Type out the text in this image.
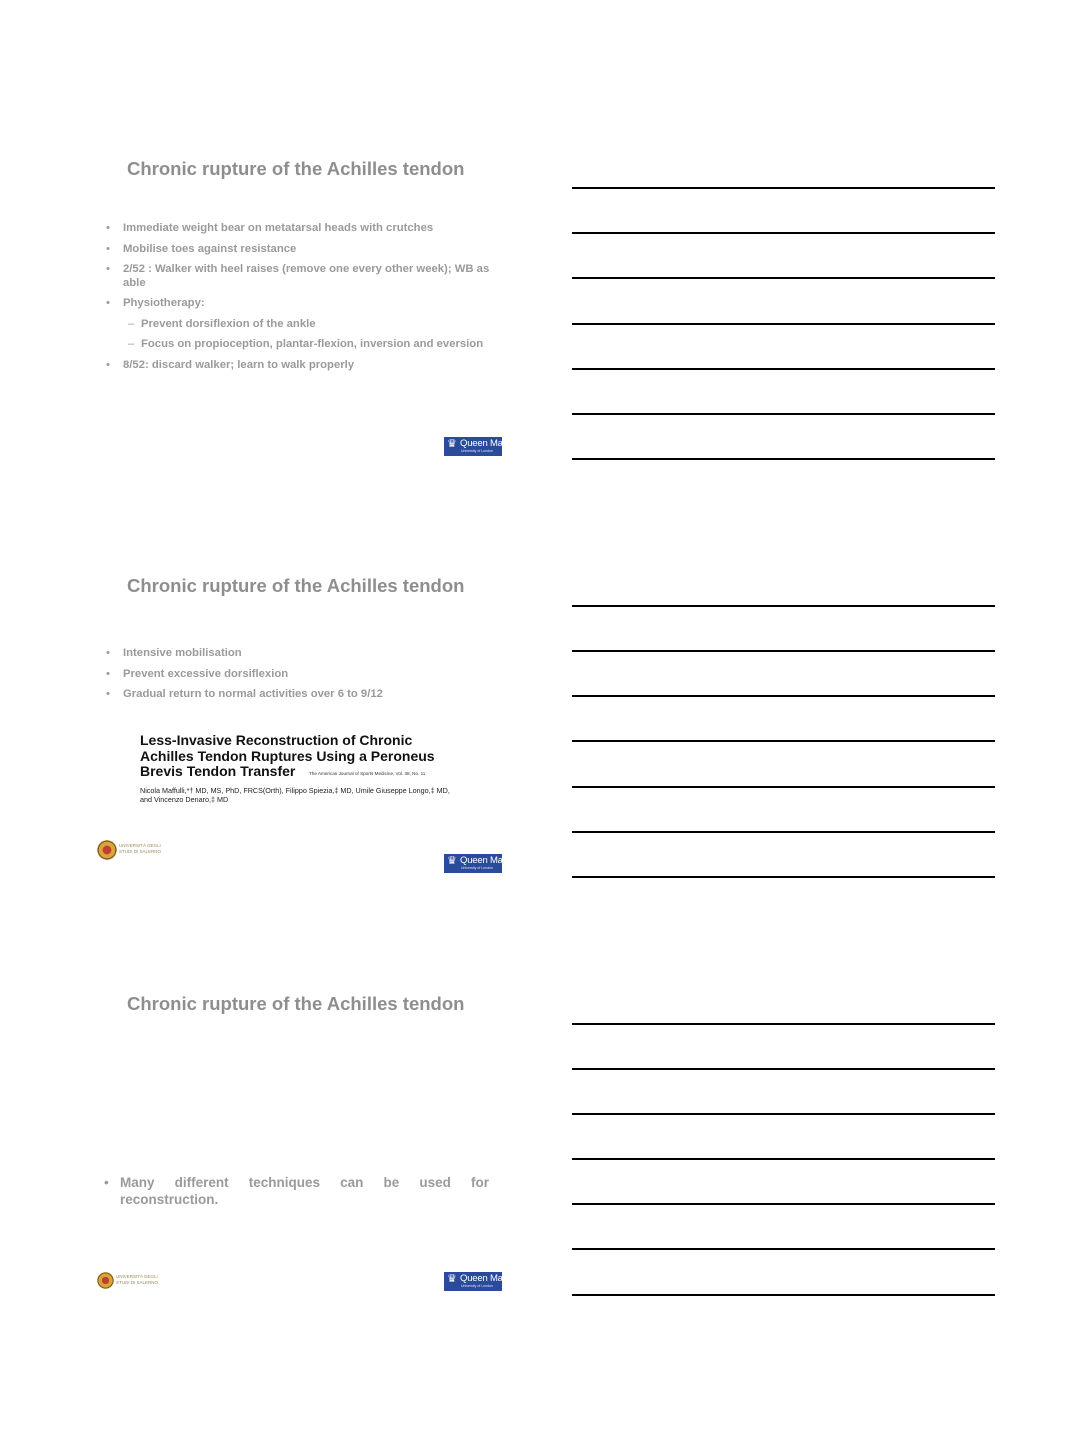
Chronic rupture of the Achilles tendon
• Immediate weight bear on metatarsal heads with crutches
• Mobilise toes against resistance
• 2/52 : Walker with heel raises (remove one every other week); WB as able
• Physiotherapy:
– Prevent dorsiflexion of the ankle
– Focus on propioception, plantar-flexion, inversion and eversion
• 8/52: discard walker; learn to walk properly
♛ Queen Mary
University of London
Chronic rupture of the Achilles tendon
• Intensive mobilisation
• Prevent excessive dorsiflexion
• Gradual return to normal activities over 6 to 9/12
Less-Invasive Reconstruction of Chronic Achilles Tendon Ruptures Using a Peroneus Brevis Tendon Transfer	The American Journal of Sports Medicine, Vol. 38, No. 11
Nicola Maffulli,*† MD, MS, PhD, FRCS(Orth), Filippo Spiezia,‡ MD, Umile Giuseppe Longo,‡ MD, and Vincenzo Denaro,‡ MD
UNIVERSITÀ DEGLI
STUDI DI SALERNO
♛ Queen Mary
University of London
Chronic rupture of the Achilles tendon
• Many different techniques can be used for reconstruction.
UNIVERSITÀ DEGLI
STUDI DI SALERNO	♛ Queen Mary
University of London
